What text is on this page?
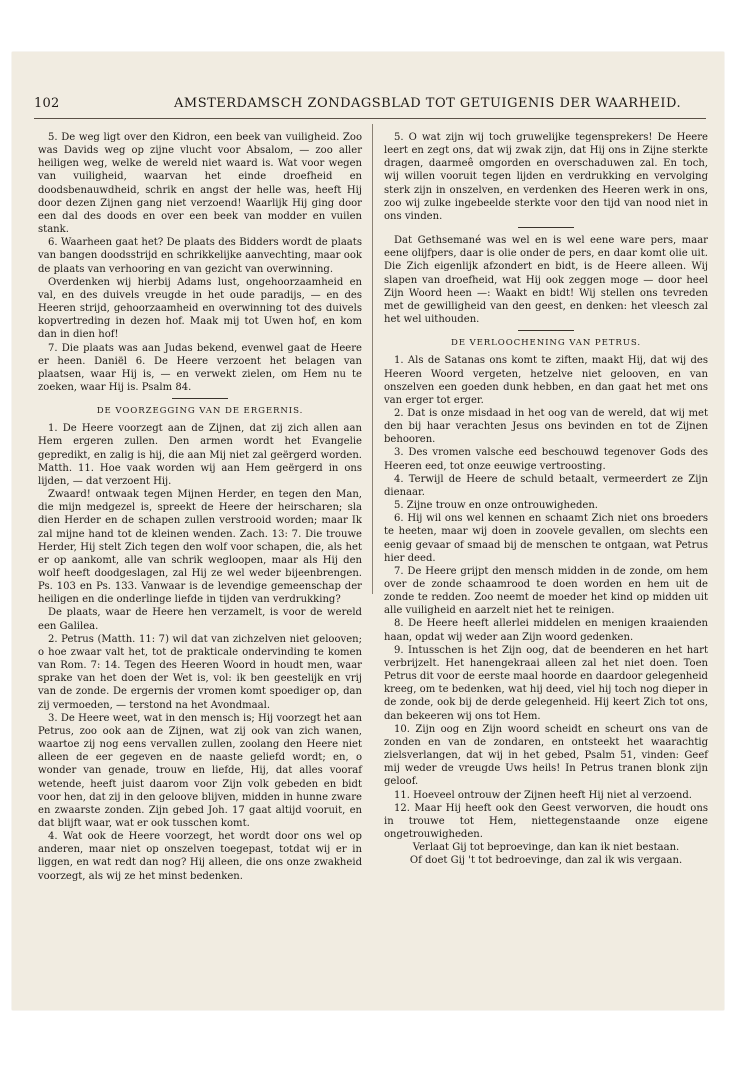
102	AMSTERDAMSCH ZONDAGSBLAD TOT GETUIGENIS DER WAARHEID.

5. De weg ligt over den Kidron, een beek van vuiligheid. Zoo was Davids weg op zijne vlucht voor Absalom, — zoo aller heiligen weg, welke de wereld niet waard is. Wat voor wegen van vuiligheid, waarvan het einde droefheid en doodsbenauwdheid, schrik en angst der helle was, heeft Hij door dezen Zijnen gang niet verzoend! Waarlijk Hij ging door een dal des doods en over een beek van modder en vuilen stank.

6. Waarheen gaat het? De plaats des Bidders wordt de plaats van bangen doodsstrijd en schrikkelijke aanvechting, maar ook de plaats van verhooring en van gezicht van overwinning.

Overdenken wij hierbij Adams lust, ongehoorzaamheid en val, en des duivels vreugde in het oude paradijs, — en des Heeren strijd, gehoorzaamheid en overwinning tot des duivels kopvertreding in dezen hof. Maak mij tot Uwen hof, en kom dan in dien hof!

7. Die plaats was aan Judas bekend, evenwel gaat de Heere er heen. Daniël 6. De Heere verzoent het belagen van plaatsen, waar Hij is, — en verwekt zielen, om Hem nu te zoeken, waar Hij is. Psalm 84.

DE VOORZEGGING VAN DE ERGERNIS.

1. De Heere voorzegt aan de Zijnen, dat zij zich allen aan Hem ergeren zullen. Den armen wordt het Evangelie gepredikt, en zalig is hij, die aan Mij niet zal geërgerd worden. Matth. 11. Hoe vaak worden wij aan Hem geërgerd in ons lijden, — dat verzoent Hij.

Zwaard! ontwaak tegen Mijnen Herder, en tegen den Man, die mijn medgezel is, spreekt de Heere der heirscharen; sla dien Herder en de schapen zullen verstrooid worden; maar Ik zal mijne hand tot de kleinen wenden. Zach. 13: 7. Die trouwe Herder, Hij stelt Zich tegen den wolf voor schapen, die, als het er op aankomt, alle van schrik wegloopen, maar als Hij den wolf heeft doodgeslagen, zal Hij ze wel weder bijeenbrengen. Ps. 103 en Ps. 133. Vanwaar is de levendige gemeenschap der heiligen en die onderlinge liefde in tijden van verdrukking?

De plaats, waar de Heere hen verzamelt, is voor de wereld een Galilea.

2. Petrus (Matth. 11: 7) wil dat van zichzelven niet gelooven; o hoe zwaar valt het, tot de prakticale ondervinding te komen van Rom. 7: 14. Tegen des Heeren Woord in houdt men, waar sprake van het doen der Wet is, vol: ik ben geestelijk en vrij van de zonde. De ergernis der vromen komt spoediger op, dan zij vermoeden, — terstond na het Avondmaal.

3. De Heere weet, wat in den mensch is; Hij voorzegt het aan Petrus, zoo ook aan de Zijnen, wat zij ook van zich wanen, waartoe zij nog eens vervallen zullen, zoolang den Heere niet alleen de eer gegeven en de naaste geliefd wordt; en, o wonder van genade, trouw en liefde, Hij, dat alles vooraf wetende, heeft juist daarom voor Zijn volk gebeden en bidt voor hen, dat zij in den geloove blijven, midden in hunne zware en zwaarste zonden. Zijn gebed Joh. 17 gaat altijd vooruit, en dat blijft waar, wat er ook tusschen komt.

4. Wat ook de Heere voorzegt, het wordt door ons wel op anderen, maar niet op onszelven toegepast, totdat wij er in liggen, en wat redt dan nog? Hij alleen, die ons onze zwakheid voorzegt, als wij ze het minst bedenken.

5. O wat zijn wij toch gruwelijke tegensprekers! De Heere leert en zegt ons, dat wij zwak zijn, dat Hij ons in Zijne sterkte dragen, daarmeê omgorden en overschaduwen zal. En toch, wij willen vooruit tegen lijden en verdrukking en vervolging sterk zijn in onszelven, en verdenken des Heeren werk in ons, zoo wij zulke ingebeelde sterkte voor den tijd van nood niet in ons vinden.

Dat Gethsemané was wel en is wel eene ware pers, maar eene olijfpers, daar is olie onder de pers, en daar komt olie uit. Die Zich eigenlijk afzondert en bidt, is de Heere alleen. Wij slapen van droefheid, wat Hij ook zeggen moge — door heel Zijn Woord heen —: Waakt en bidt! Wij stellen ons tevreden met de gewilligheid van den geest, en denken: het vleesch zal het wel uithouden.

DE VERLOOCHENING VAN PETRUS.

1. Als de Satanas ons komt te ziften, maakt Hij, dat wij des Heeren Woord vergeten, hetzelve niet gelooven, en van onszelven een goeden dunk hebben, en dan gaat het met ons van erger tot erger.

2. Dat is onze misdaad in het oog van de wereld, dat wij met den bij haar verachten Jesus ons bevinden en tot de Zijnen behooren.

3. Des vromen valsche eed beschouwd tegenover Gods des Heeren eed, tot onze eeuwige vertroosting.

4. Terwijl de Heere de schuld betaalt, vermeerdert ze Zijn dienaar.

5. Zijne trouw en onze ontrouwigheden.

6. Hij wil ons wel kennen en schaamt Zich niet ons broeders te heeten, maar wij doen in zoovele gevallen, om slechts een eenig gevaar of smaad bij de menschen te ontgaan, wat Petrus hier deed.

7. De Heere grijpt den mensch midden in de zonde, om hem over de zonde schaamrood te doen worden en hem uit de zonde te redden. Zoo neemt de moeder het kind op midden uit alle vuiligheid en aarzelt niet het te reinigen.

8. De Heere heeft allerlei middelen en menigen kraaienden haan, opdat wij weder aan Zijn woord gedenken.

9. Intusschen is het Zijn oog, dat de beenderen en het hart verbrijzelt. Het hanengekraai alleen zal het niet doen. Toen Petrus dit voor de eerste maal hoorde en daardoor gelegenheid kreeg, om te bedenken, wat hij deed, viel hij toch nog dieper in de zonde, ook bij de derde gelegenheid. Hij keert Zich tot ons, dan bekeeren wij ons tot Hem.

10. Zijn oog en Zijn woord scheidt en scheurt ons van de zonden en van de zondaren, en ontsteekt het waarachtig zielsverlangen, dat wij in het gebed, Psalm 51, vinden: Geef mij weder de vreugde Uws heils! In Petrus tranen blonk zijn geloof.

11. Hoeveel ontrouw der Zijnen heeft Hij niet al verzoend.

12. Maar Hij heeft ook den Geest verworven, die houdt ons in trouwe tot Hem, niettegenstaande onze eigene ongetrouwigheden.

Verlaat Gij tot beproevinge, dan kan ik niet bestaan.

Of doet Gij 't tot bedroevinge, dan zal ik wis vergaan.
